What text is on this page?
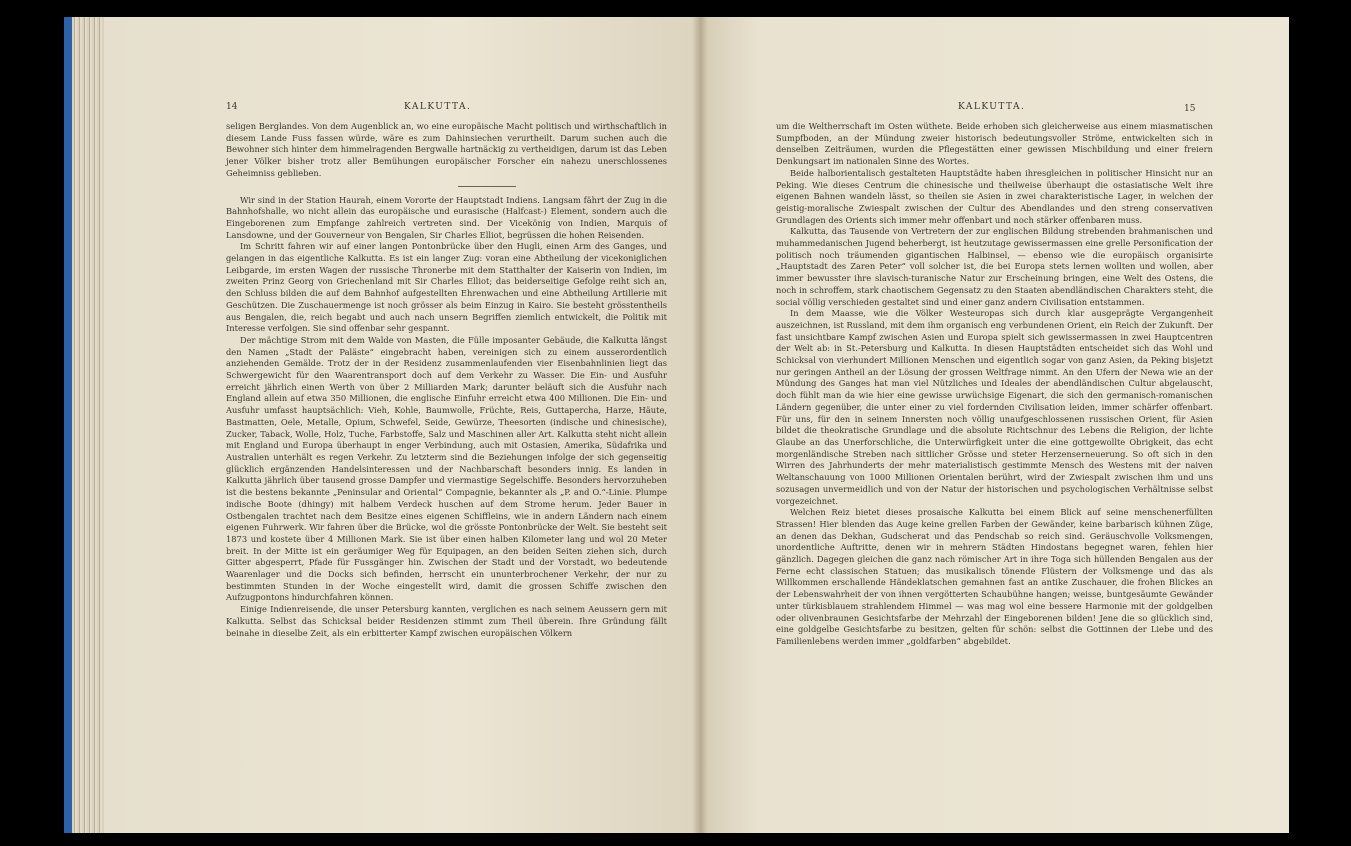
14	KALKUTTA.

seligen Berglandes. Von dem Augenblick an, wo eine europäische Macht politisch und wirthschaftlich in diesem Lande Fuss fassen würde, wäre es zum Dahinsiechen verurtheilt. Darum suchen auch die Bewohner sich hinter dem himmelragenden Bergwalle hartnäckig zu vertheidigen, darum ist das Leben jener Völker bisher trotz aller Bemühungen europäischer Forscher ein nahezu unerschlossenes Geheimniss geblieben.

Wir sind in der Station Haurah, einem Vororte der Hauptstadt Indiens. Langsam fährt der Zug in die Bahnhofshalle, wo nicht allein das europäische und eurasische (Halfcast-) Element, sondern auch die Eingeborenen zum Empfange zahlreich vertreten sind. Der Vicekönig von Indien, Marquis of Lansdowne, und der Gouverneur von Bengalen, Sir Charles Elliot, begrüssen die hohen Reisenden.

Im Schritt fahren wir auf einer langen Pontonbrücke über den Hugli, einen Arm des Ganges, und gelangen in das eigentliche Kalkutta. Es ist ein langer Zug: voran eine Abtheilung der vicekoniglichen Leibgarde, im ersten Wagen der russische Thronerbe mit dem Statthalter der Kaiserin von Indien, im zweiten Prinz Georg von Griechenland mit Sir Charles Elliot; das beiderseitige Gefolge reiht sich an, den Schluss bilden die auf dem Bahnhof aufgestellten Ehrenwachen und eine Abtheilung Artillerie mit Geschützen. Die Zuschauermenge ist noch grösser als beim Einzug in Kairo. Sie besteht grösstentheils aus Bengalen, die, reich begabt und auch nach unsern Begriffen ziemlich entwickelt, die Politik mit Interesse verfolgen. Sie sind offenbar sehr gespannt.

Der mächtige Strom mit dem Walde von Masten, die Fülle imposanter Gebäude, die Kalkutta längst den Namen „Stadt der Paläste“ eingebracht haben, vereinigen sich zu einem ausserordentlich anziehenden Gemälde. Trotz der in der Residenz zusammenlaufenden vier Eisenbahnlinien liegt das Schwergewicht für den Waarentransport doch auf dem Verkehr zu Wasser. Die Ein- und Ausfuhr erreicht jährlich einen Werth von über 2 Milliarden Mark; darunter beläuft sich die Ausfuhr nach England allein auf etwa 350 Millionen, die englische Einfuhr erreicht etwa 400 Millionen. Die Ein- und Ausfuhr umfasst hauptsächlich: Vieh, Kohle, Baumwolle, Früchte, Reis, Guttapercha, Harze, Häute, Bastmatten, Oele, Metalle, Opium, Schwefel, Seide, Gewürze, Theesorten (indische und chinesische), Zucker, Taback, Wolle, Holz, Tuche, Farbstoffe, Salz und Maschinen aller Art. Kalkutta steht nicht allein mit England und Europa überhaupt in enger Verbindung, auch mit Ostasien, Amerika, Südafrika und Australien unterhält es regen Verkehr. Zu letzterm sind die Beziehungen infolge der sich gegenseitig glücklich ergänzenden Handelsinteressen und der Nachbarschaft besonders innig. Es landen in Kalkutta jährlich über tausend grosse Dampfer und viermastige Segelschiffe. Besonders hervorzuheben ist die bestens bekannte „Peninsular and Oriental“ Compagnie, bekannter als „P. and O.“-Linie. Plumpe indische Boote (dhingy) mit halbem Verdeck huschen auf dem Strome herum. Jeder Bauer in Ostbengalen trachtet nach dem Besitze eines eigenen Schiffleins, wie in andern Ländern nach einem eigenen Fuhrwerk. Wir fahren über die Brücke, wol die grösste Pontonbrücke der Welt. Sie besteht seit 1873 und kostete über 4 Millionen Mark. Sie ist über einen halben Kilometer lang und wol 20 Meter breit. In der Mitte ist ein geräumiger Weg für Equipagen, an den beiden Seiten ziehen sich, durch Gitter abgesperrt, Pfade für Fussgänger hin. Zwischen der Stadt und der Vorstadt, wo bedeutende Waarenlager und die Docks sich befinden, herrscht ein ununterbrochener Verkehr, der nur zu bestimmten Stunden in der Woche eingestellt wird, damit die grossen Schiffe zwischen den Aufzugpontons hindurchfahren können.

Einige Indienreisende, die unser Petersburg kannten, verglichen es nach seinem Aeussern gern mit Kalkutta. Selbst das Schicksal beider Residenzen stimmt zum Theil überein. Ihre Gründung fällt beinahe in dieselbe Zeit, als ein erbitterter Kampf zwischen europäischen Völkern

KALKUTTA.	15

um die Weltherrschaft im Osten wüthete. Beide erhoben sich gleicherweise aus einem miasmatischen Sumpfboden, an der Mündung zweier historisch bedeutungsvoller Ströme, entwickelten sich in denselben Zeiträumen, wurden die Pflegestätten einer gewissen Mischbildung und einer freiern Denkungsart im nationalen Sinne des Wortes.

Beide halborientalisch gestalteten Hauptstädte haben ihresgleichen in politischer Hinsicht nur an Peking. Wie dieses Centrum die chinesische und theilweise überhaupt die ostasiatische Welt ihre eigenen Bahnen wandeln lässt, so theilen sie Asien in zwei charakteristische Lager, in welchen der geistig-moralische Zwiespalt zwischen der Cultur des Abendlandes und den streng conservativen Grundlagen des Orients sich immer mehr offenbart und noch stärker offenbaren muss.

Kalkutta, das Tausende von Vertretern der zur englischen Bildung strebenden brahmanischen und muhammedanischen Jugend beherbergt, ist heutzutage gewissermassen eine grelle Personification der politisch noch träumenden gigantischen Halbinsel, — ebenso wie die europäisch organisirte „Hauptstadt des Zaren Peter“ voll solcher ist, die bei Europa stets lernen wollten und wollen, aber immer bewusster ihre slavisch-turanische Natur zur Erscheinung bringen, eine Welt des Ostens, die noch in schroffem, stark chaotischem Gegensatz zu den Staaten abendländischen Charakters steht, die social völlig verschieden gestaltet sind und einer ganz andern Civilisation entstammen.

In dem Maasse, wie die Völker Westeuropas sich durch klar ausgeprägte Vergangenheit auszeichnen, ist Russland, mit dem ihm organisch eng verbundenen Orient, ein Reich der Zukunft. Der fast unsichtbare Kampf zwischen Asien und Europa spielt sich gewissermassen in zwei Hauptcentren der Welt ab: in St.-Petersburg und Kalkutta. In diesen Hauptstädten entscheidet sich das Wohl und Schicksal von vierhundert Millionen Menschen und eigentlich sogar von ganz Asien, da Peking bisjetzt nur geringen Antheil an der Lösung der grossen Weltfrage nimmt. An den Ufern der Newa wie an der Mündung des Ganges hat man viel Nützliches und Ideales der abendländischen Cultur abgelauscht, doch fühlt man da wie hier eine gewisse urwüchsige Eigenart, die sich den germanisch-romanischen Ländern gegenüber, die unter einer zu viel fordernden Civilisation leiden, immer schärfer offenbart. Für uns, für den in seinem Innersten noch völlig unaufgeschlossenen russischen Orient, für Asien bildet die theokratische Grundlage und die absolute Richtschnur des Lebens die Religion, der lichte Glaube an das Unerforschliche, die Unterwürfigkeit unter die eine gottgewollte Obrigkeit, das echt morgenländische Streben nach sittlicher Grösse und steter Herzenserneuerung. So oft sich in den Wirren des Jahrhunderts der mehr materialistisch gestimmte Mensch des Westens mit der naiven Weltanschauung von 1000 Millionen Orientalen berührt, wird der Zwiespalt zwischen ihm und uns sozusagen unvermeidlich und von der Natur der historischen und psychologischen Verhältnisse selbst vorgezeichnet.

Welchen Reiz bietet dieses prosaische Kalkutta bei einem Blick auf seine menschenerfüllten Strassen! Hier blenden das Auge keine grellen Farben der Gewänder, keine barbarisch kühnen Züge, an denen das Dekhan, Gudscherat und das Pendschab so reich sind. Geräuschvolle Volksmengen, unordentliche Auftritte, denen wir in mehrern Städten Hindostans begegnet waren, fehlen hier gänzlich. Dagegen gleichen die ganz nach römischer Art in ihre Toga sich hüllenden Bengalen aus der Ferne echt classischen Statuen; das musikalisch tönende Flüstern der Volksmenge und das als Willkommen erschallende Händeklatschen gemahnen fast an antike Zuschauer, die frohen Blickes an der Lebenswahrheit der von ihnen vergötterten Schaubühne hangen; weisse, buntgesäumte Gewänder unter türkisblauem strahlendem Himmel — was mag wol eine bessere Harmonie mit der goldgelben oder olivenbraunen Gesichtsfarbe der Mehrzahl der Eingeborenen bilden! Jene die so glücklich sind, eine goldgelbe Gesichtsfarbe zu besitzen, gelten für schön: selbst die Gottinnen der Liebe und des Familienlebens werden immer „goldfarben“ abgebildet.
